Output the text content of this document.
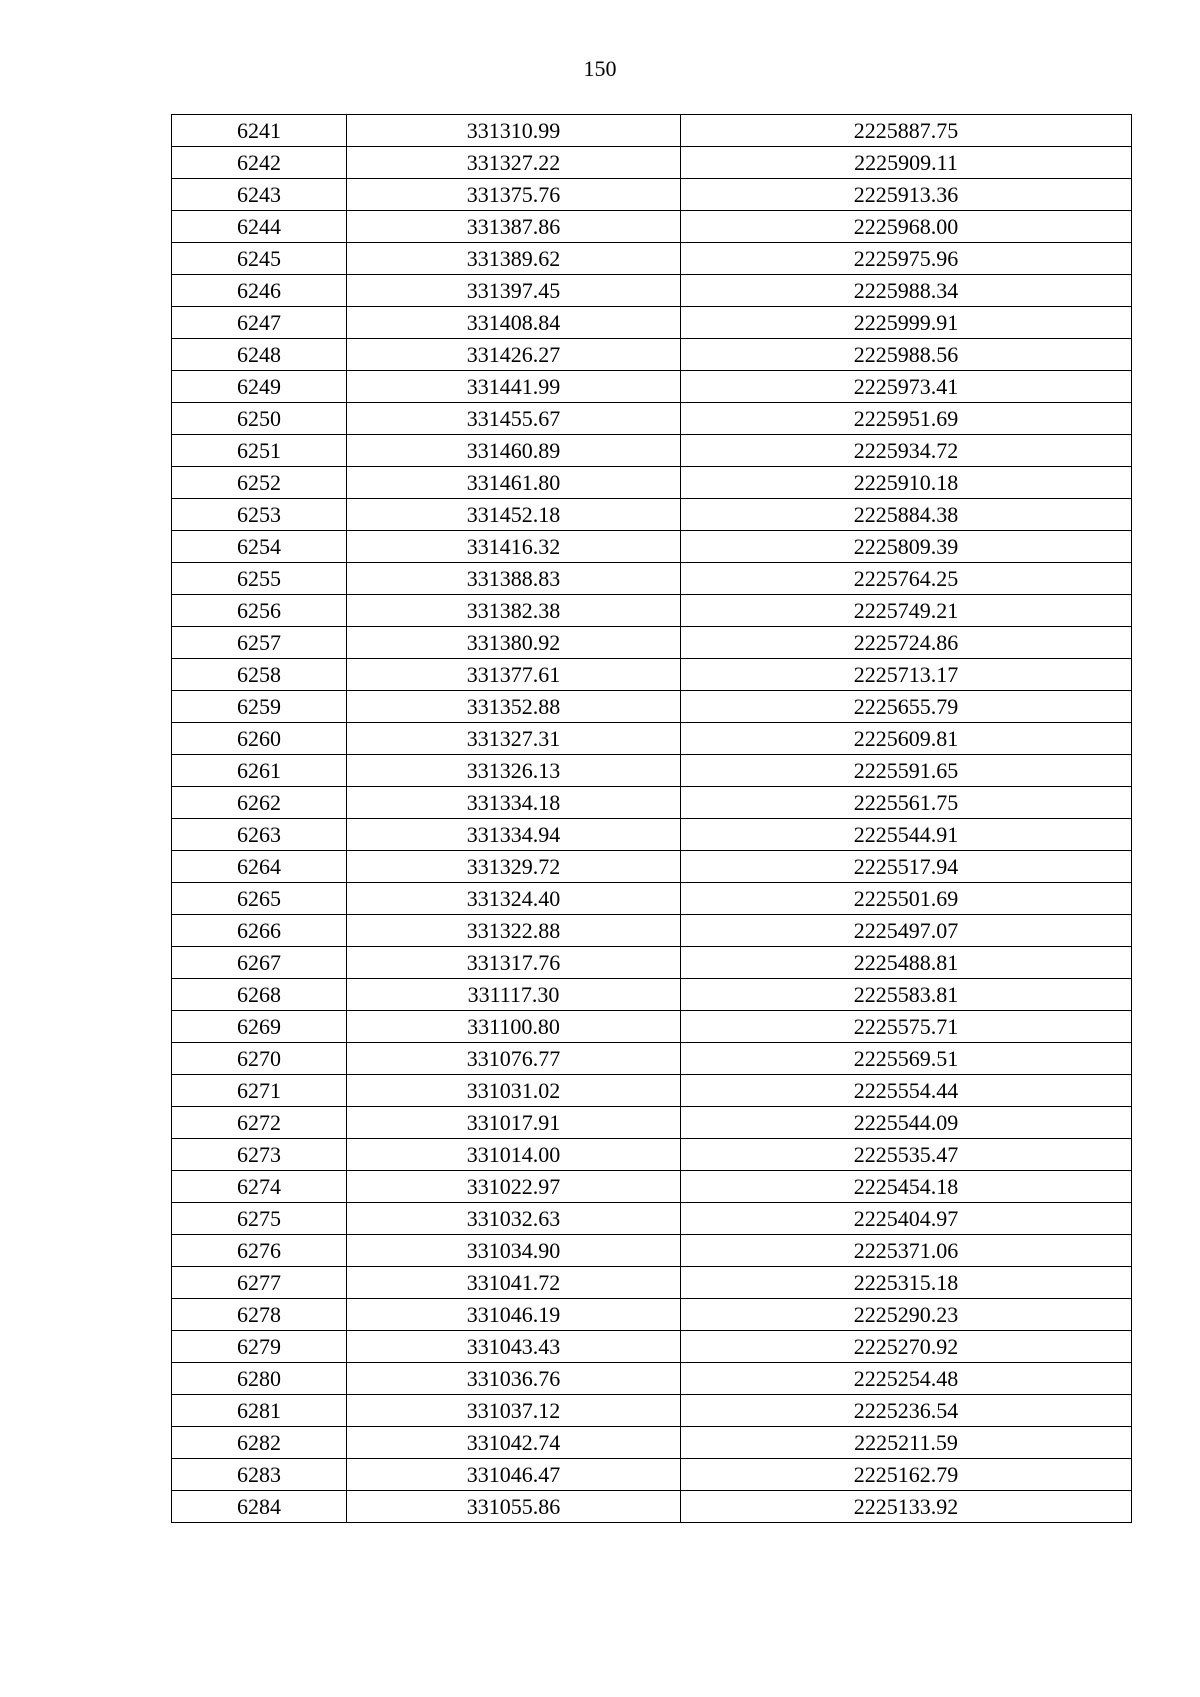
150
6241	331310.99	2225887.75
6242	331327.22	2225909.11
6243	331375.76	2225913.36
6244	331387.86	2225968.00
6245	331389.62	2225975.96
6246	331397.45	2225988.34
6247	331408.84	2225999.91
6248	331426.27	2225988.56
6249	331441.99	2225973.41
6250	331455.67	2225951.69
6251	331460.89	2225934.72
6252	331461.80	2225910.18
6253	331452.18	2225884.38
6254	331416.32	2225809.39
6255	331388.83	2225764.25
6256	331382.38	2225749.21
6257	331380.92	2225724.86
6258	331377.61	2225713.17
6259	331352.88	2225655.79
6260	331327.31	2225609.81
6261	331326.13	2225591.65
6262	331334.18	2225561.75
6263	331334.94	2225544.91
6264	331329.72	2225517.94
6265	331324.40	2225501.69
6266	331322.88	2225497.07
6267	331317.76	2225488.81
6268	331117.30	2225583.81
6269	331100.80	2225575.71
6270	331076.77	2225569.51
6271	331031.02	2225554.44
6272	331017.91	2225544.09
6273	331014.00	2225535.47
6274	331022.97	2225454.18
6275	331032.63	2225404.97
6276	331034.90	2225371.06
6277	331041.72	2225315.18
6278	331046.19	2225290.23
6279	331043.43	2225270.92
6280	331036.76	2225254.48
6281	331037.12	2225236.54
6282	331042.74	2225211.59
6283	331046.47	2225162.79
6284	331055.86	2225133.92
